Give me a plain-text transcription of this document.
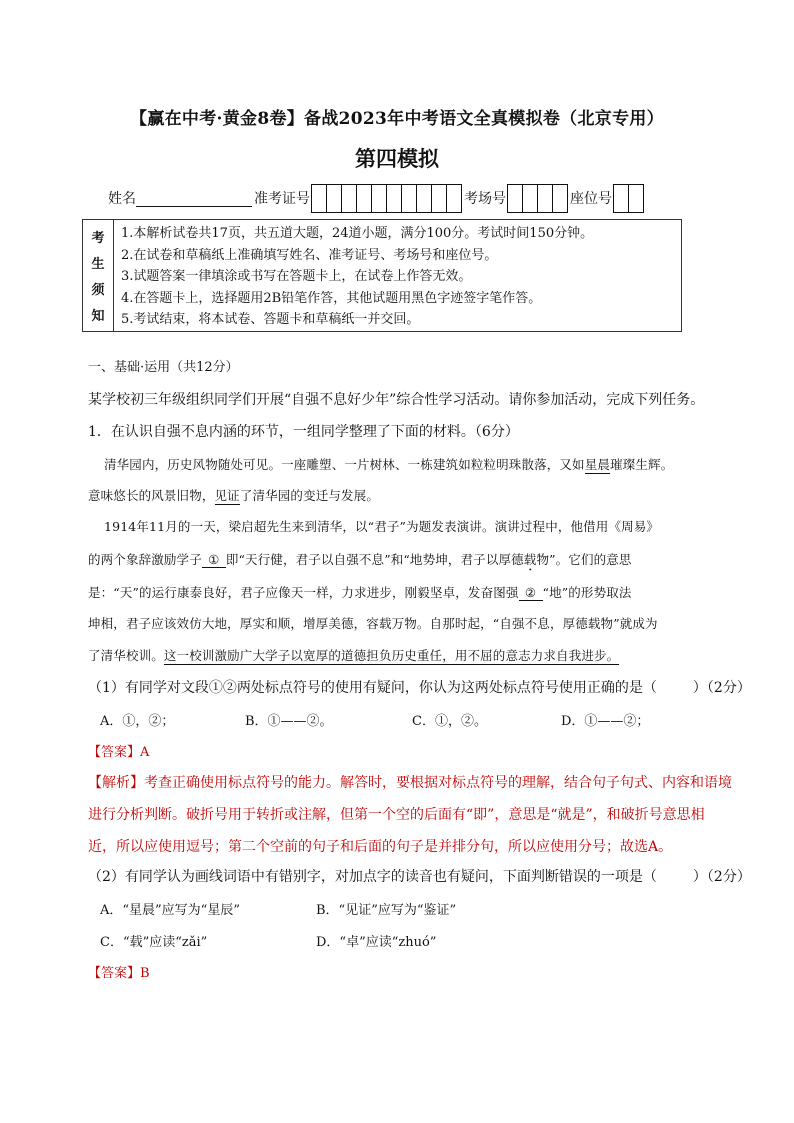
【赢在中考·黄金8卷】备战2023年中考语文全真模拟卷（北京专用）
第四模拟
姓名	准考证号	考场号	座位号
考
生
须
知
1.本解析试卷共17页，共五道大题，24道小题，满分100分。考试时间150分钟。
2.在试卷和草稿纸上准确填写姓名、准考证号、考场号和座位号。
3.试题答案一律填涂或书写在答题卡上，在试卷上作答无效。
4.在答题卡上，选择题用2B铅笔作答，其他试题用黑色字迹签字笔作答。
5.考试结束，将本试卷、答题卡和草稿纸一并交回。
一、基础·运用（共12分）
某学校初三年级组织同学们开展“自强不息好少年”综合性学习活动。请你参加活动，完成下列任务。
1．在认识自强不息内涵的环节，一组同学整理了下面的材料。（6分）
清华园内，历史风物随处可见。一座雕塑、一片树林、一栋建筑如粒粒明珠散落，又如星晨璀璨生辉。
意味悠长的风景旧物，见证了清华园的变迁与发展。
1914年11月的一天，梁启超先生来到清华，以“君子”为题发表演讲。演讲过程中，他借用《周易》
的两个象辞激励学子 ① 即“天行健，君子以自强不息”和“地势坤，君子以厚德载物”。它们的意思
是：“天”的运行康泰良好，君子应像天一样，力求进步，刚毅坚卓，发奋图强 ② “地”的形势取法
坤相，君子应该效仿大地，厚实和顺，增厚美德，容载万物。自那时起，“自强不息，厚德载物”就成为
了清华校训。这一校训激励广大学子以宽厚的道德担负历史重任，用不屈的意志力求自我进步。
（1）有同学对文段①②两处标点符号的使用有疑问，你认为这两处标点符号使用正确的是（	）（2分）
A．①，②；	B．①——②。	C．①，②。	D．①——②；
【答案】A
【解析】考查正确使用标点符号的能力。解答时，要根据对标点符号的理解，结合句子句式、内容和语境
进行分析判断。破折号用于转折或注解，但第一个空的后面有“即”，意思是“就是”，和破折号意思相
近，所以应使用逗号；第二个空前的句子和后面的句子是并排分句，所以应使用分号；故选A。
（2）有同学认为画线词语中有错别字，对加点字的读音也有疑问，下面判断错误的一项是（	）（2分）
A．“星晨”应写为“星辰”	B．“见证”应写为“鉴证”
C．“载”应读“zǎi”	D．“卓”应读“zhuó”
【答案】B
